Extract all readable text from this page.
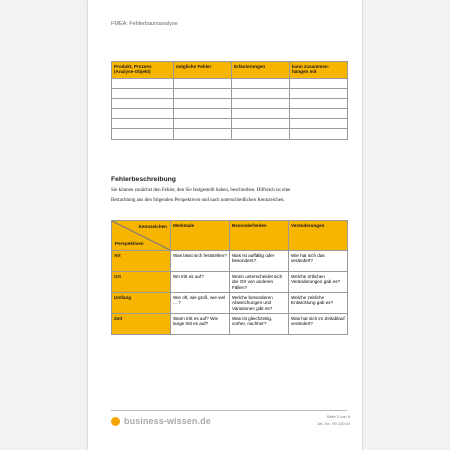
FMEA: Fehlerbaumanalyse
Produkt, Prozess (Analyse-Objekt)	mögliche Fehler	Erläuterungen	kann zusammen-hängen mit

Fehlerbeschreibung
Sie können zunächst den Fehler, den Sie festgestellt haben, beschreiben. Hilfreich ist eine Betrachtung aus den folgenden Perspektiven und nach unterschiedlichen Kennzeichen.
Kennzeichen
Perspektiven	Merkmale	Besonderheiten	Veränderungen
Art	Was lässt sich feststellen?	Was ist auffällig oder besonders?	Wie hat sich das verändert?
Ort	Wo tritt es auf?	Worin unterscheidet sich der Ort von anderen Fällen?	Welche örtlichen Veränderungen gab es?
Umfang	Wie oft, wie groß, wie viel ... ?	Welche besonderen Abweichungen und Variationen gibt es?	Welche zeitliche Entwicklung gab es?
Zeit	Wann tritt es auf? Wie lange tritt es auf?	Was ist gleichzeitig, vorher, nachher?	Was hat sich im Zeitablauf verändert?
business-wissen.de	Seite 2 von 8
Art.-Nr.: 99.100.04
